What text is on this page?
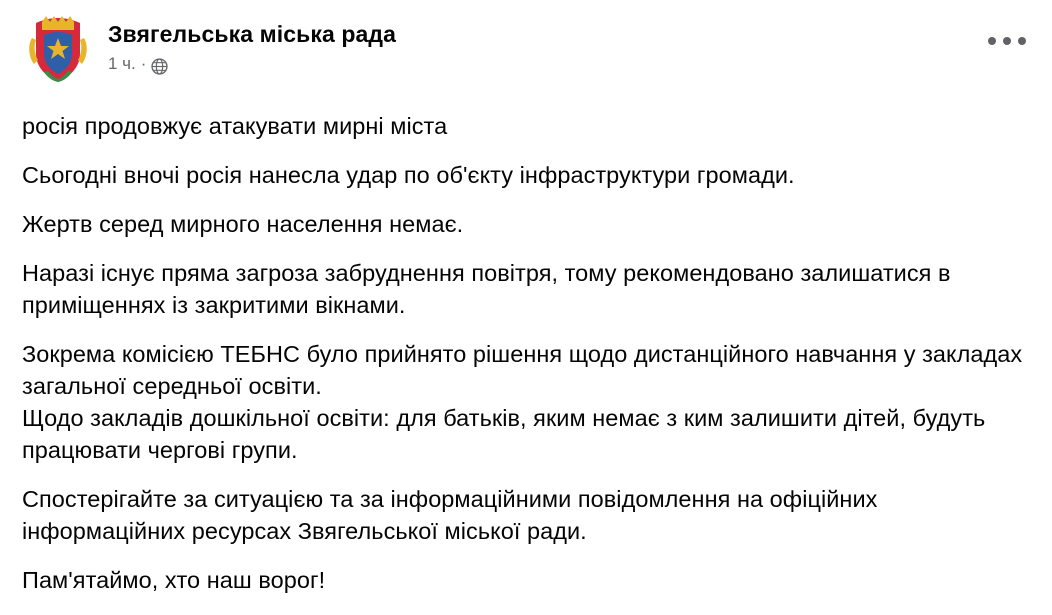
Звягельська міська рада
1 ч. ·

росія продовжує атакувати мирні міста

Сьогодні вночі росія нанесла удар по об'єкту інфраструктури громади.

Жертв серед мирного населення немає.

Наразі існує пряма загроза забруднення повітря, тому рекомендовано залишатися в приміщеннях із закритими вікнами.

Зокрема комісією ТЕБНС було прийнято рішення щодо дистанційного навчання у закладах загальної середньої освіти.

Щодо закладів дошкільної освіти: для батьків, яким немає з ким залишити дітей, будуть працювати чергові групи.

Спостерігайте за ситуацією та за інформаційними повідомлення на офіційних інформаційних ресурсах Звягельської міської ради.

Пам'ятаймо, хто наш ворог!
